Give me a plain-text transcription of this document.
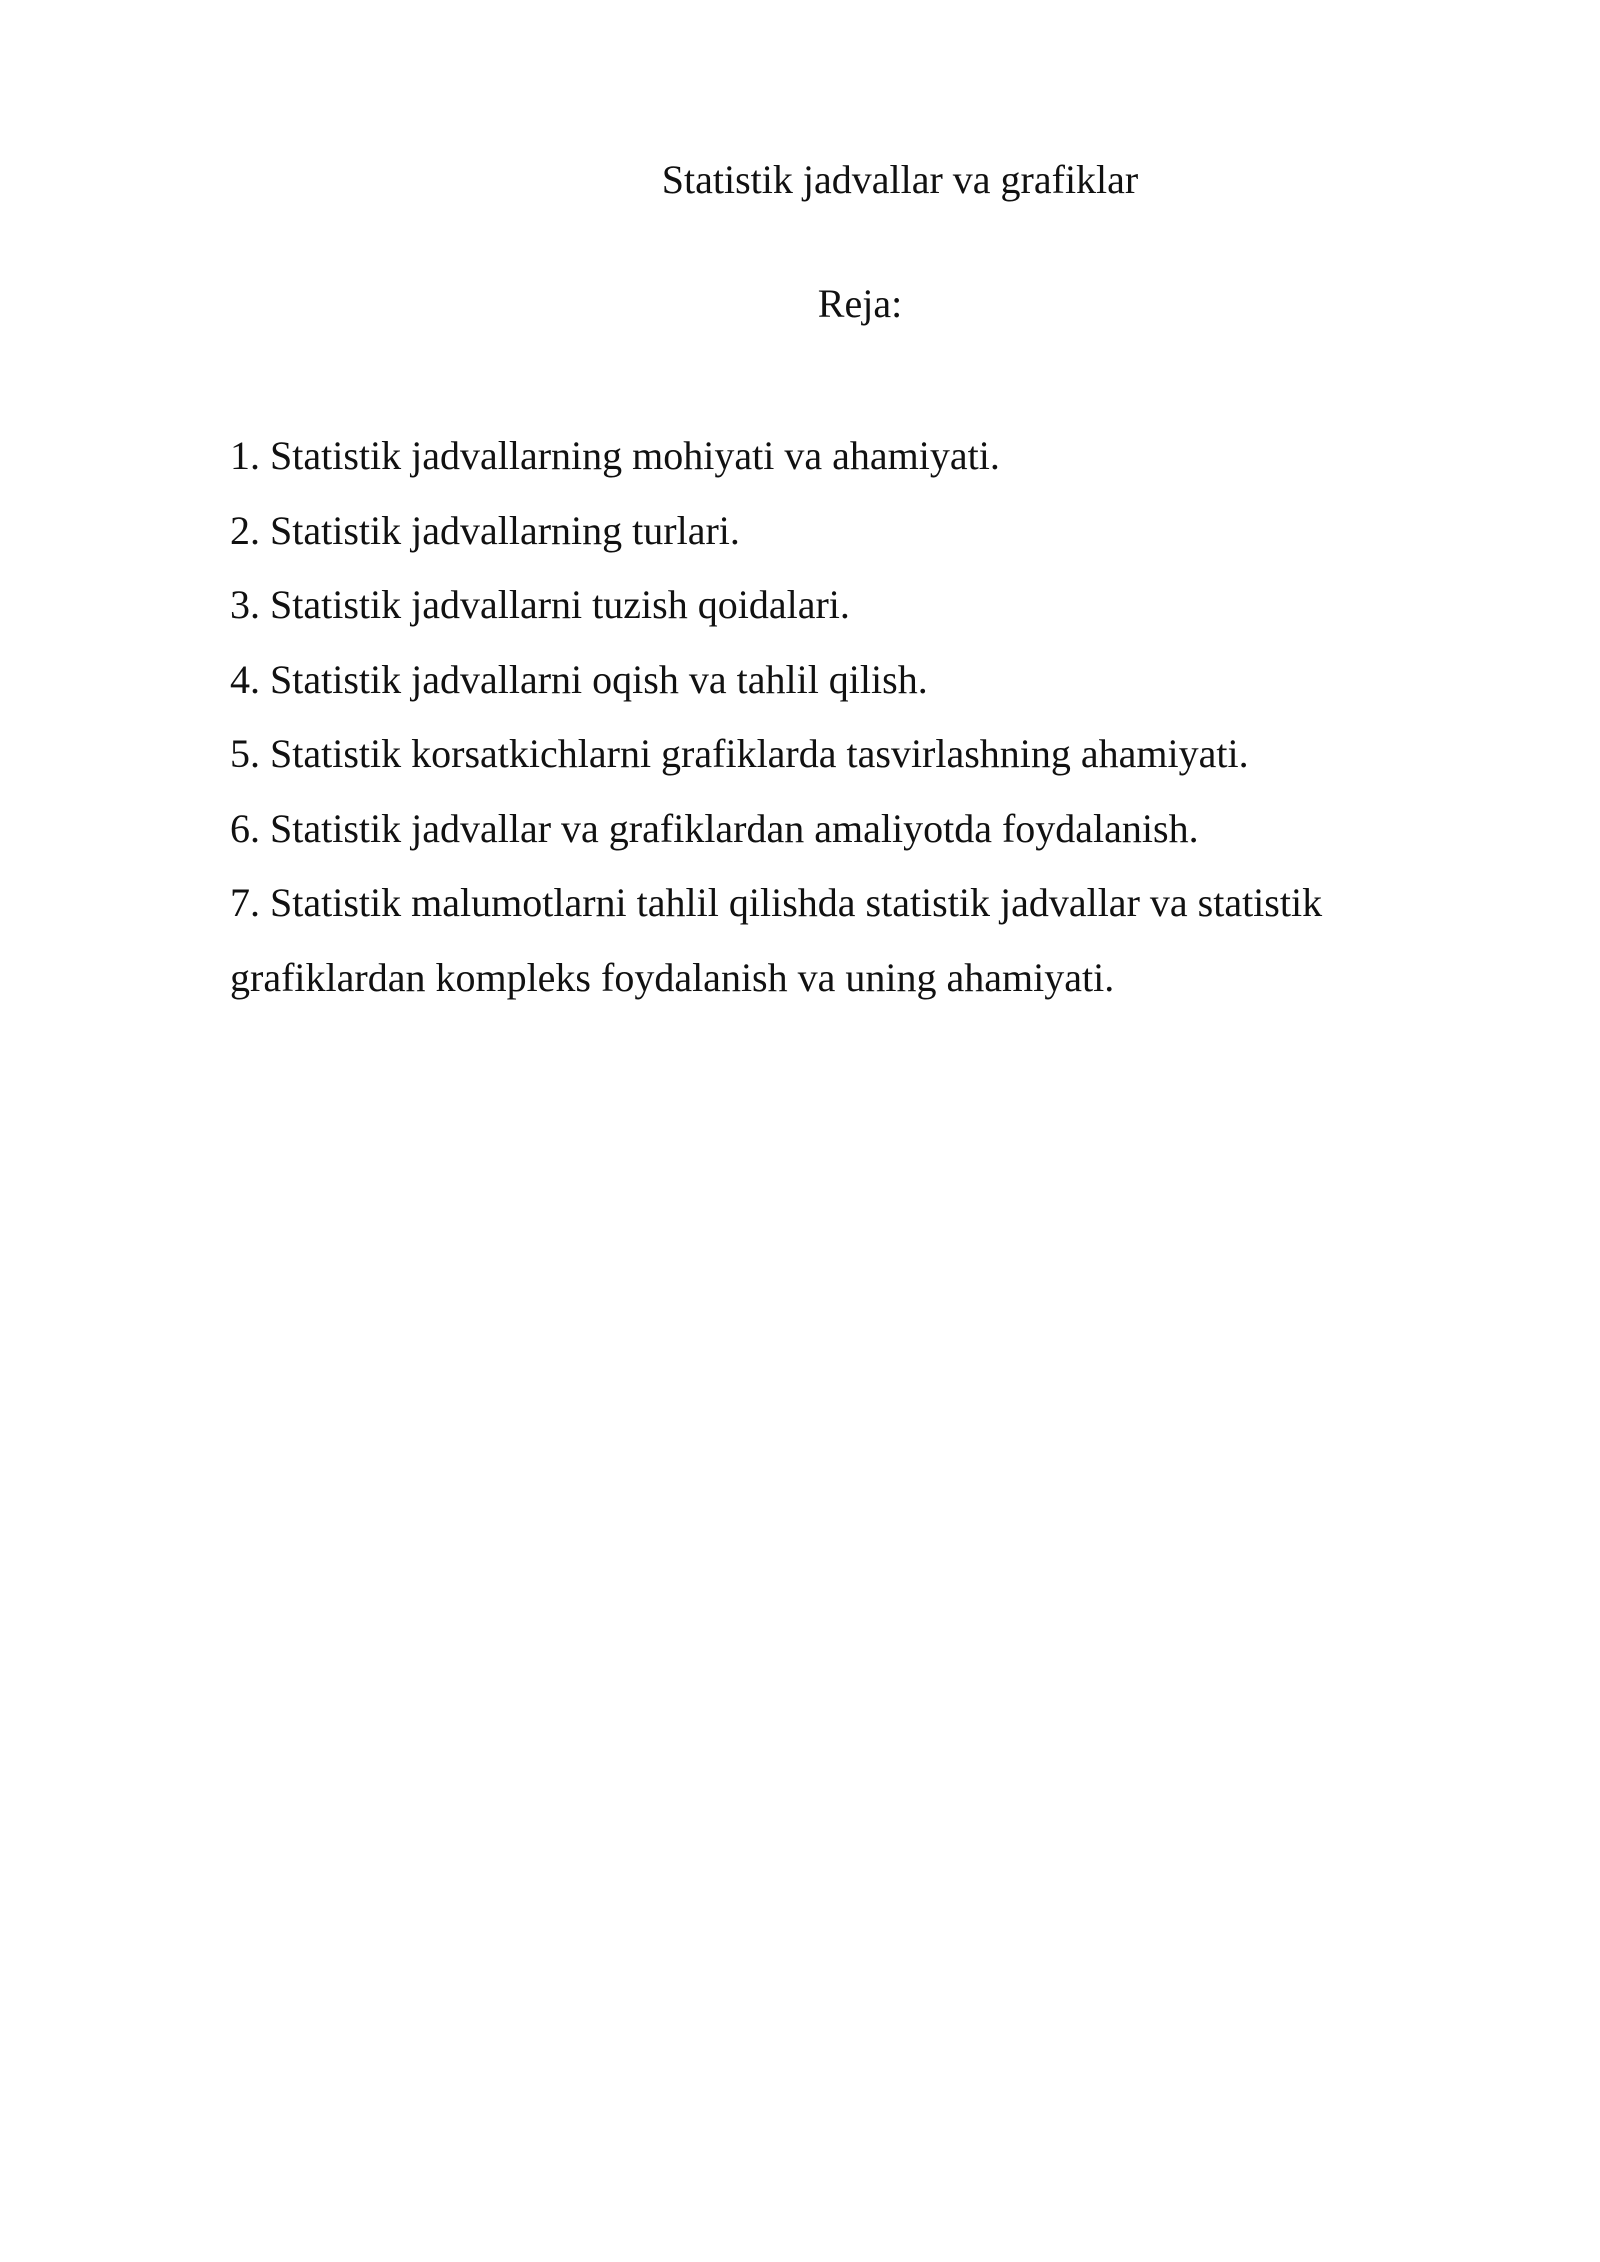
Statistik jadvallar va grafiklar
Reja:
1. Statistik jadvallarning mohiyati va ahamiyati.
2. Statistik jadvallarning turlari.
3. Statistik jadvallarni tuzish qoidalari.
4. Statistik jadvallarni oqish va tahlil qilish.
5. Statistik korsatkichlarni grafiklarda tasvirlashning ahamiyati.
6. Statistik jadvallar va grafiklardan amaliyotda foydalanish.
7. Statistik malumotlarni tahlil qilishda statistik jadvallar va statistik grafiklardan kompleks foydalanish va uning ahamiyati.
